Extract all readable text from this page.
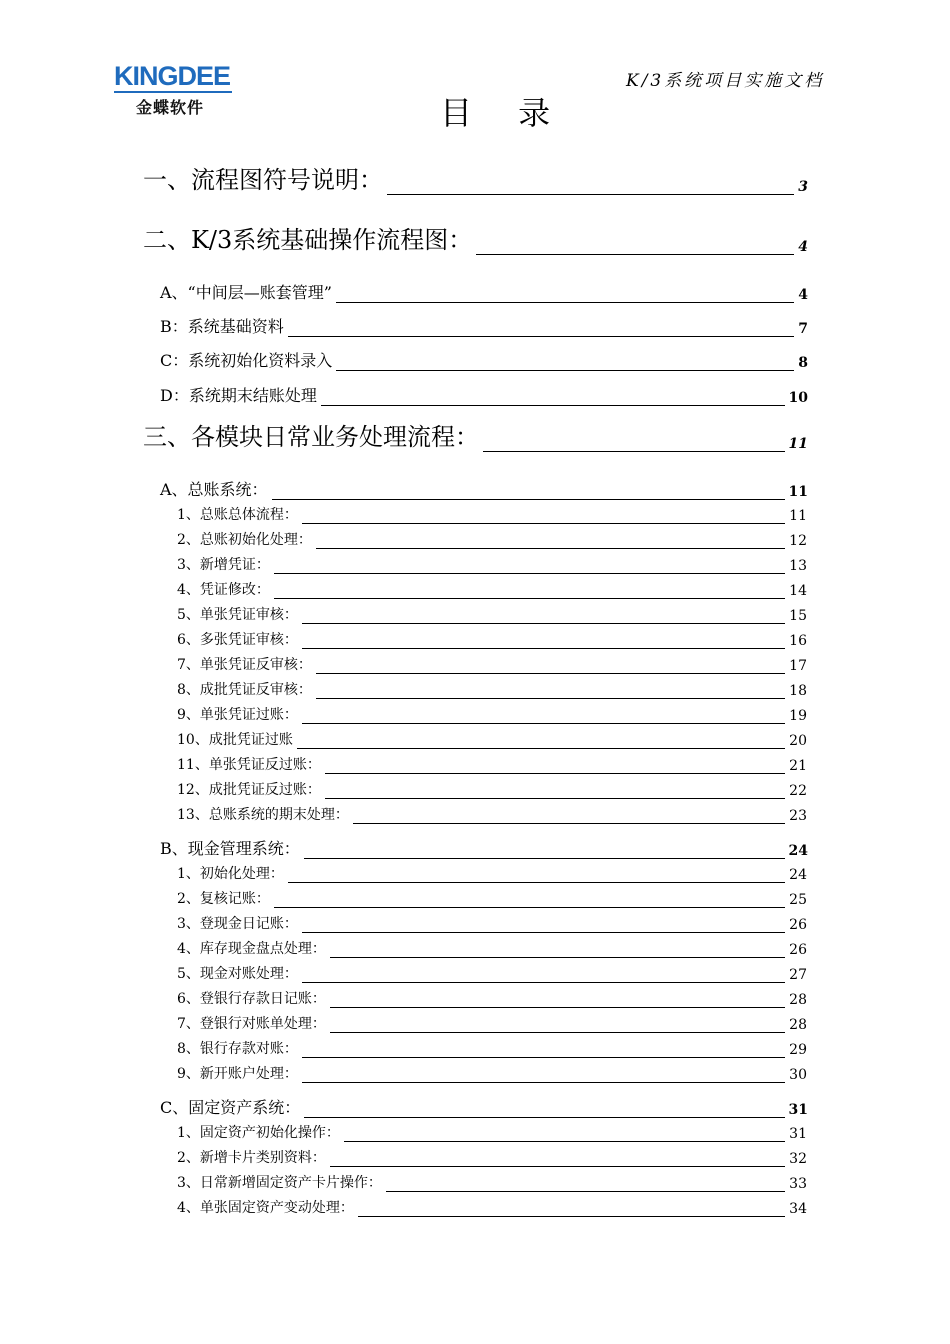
KINGDEE
金蝶软件
K/3系统项目实施文档
目 录
一、流程图符号说明：	3
二、K/3系统基础操作流程图：	4
A、“中间层—账套管理”	4
B：系统基础资料	7
C：系统初始化资料录入	8
D：系统期末结账处理	10
三、各模块日常业务处理流程：	11
A、总账系统：	11
1、总账总体流程：	11
2、总账初始化处理：	12
3、新增凭证：	13
4、凭证修改：	14
5、单张凭证审核：	15
6、多张凭证审核：	16
7、单张凭证反审核：	17
8、成批凭证反审核：	18
9、单张凭证过账：	19
10、成批凭证过账	20
11、单张凭证反过账：	21
12、成批凭证反过账：	22
13、总账系统的期末处理：	23
B、现金管理系统：	24
1、初始化处理：	24
2、复核记账：	25
3、登现金日记账：	26
4、库存现金盘点处理：	26
5、现金对账处理：	27
6、登银行存款日记账：	28
7、登银行对账单处理：	28
8、银行存款对账：	29
9、新开账户处理：	30
C、固定资产系统：	31
1、固定资产初始化操作：	31
2、新增卡片类别资料：	32
3、日常新增固定资产卡片操作：	33
4、单张固定资产变动处理：	34
